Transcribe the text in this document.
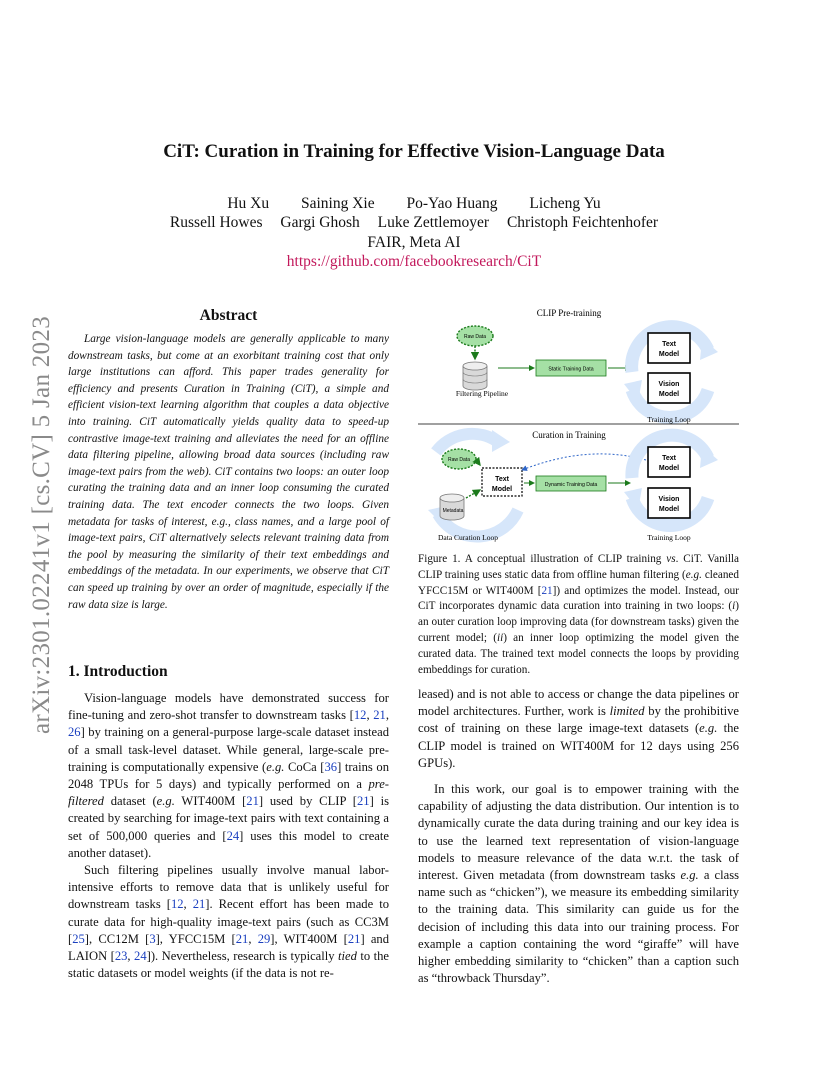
arXiv:2301.02241v1 [cs.CV] 5 Jan 2023
CiT: Curation in Training for Effective Vision-Language Data
Hu Xu Saining Xie Po-Yao Huang Licheng Yu
Russell Howes Gargi Ghosh Luke Zettlemoyer Christoph Feichtenhofer
FAIR, Meta AI
https://github.com/facebookresearch/CiT
Abstract

Large vision-language models are generally applicable to many downstream tasks, but come at an exorbitant training cost that only large institutions can afford. This paper trades generality for efficiency and presents Curation in Training (CiT), a simple and efficient vision-text learning algorithm that couples a data objective into training. CiT automatically yields quality data to speed-up contrastive image-text training and alleviates the need for an offline data filtering pipeline, allowing broad data sources (including raw image-text pairs from the web). CiT contains two loops: an outer loop curating the training data and an inner loop consuming the curated training data. The text encoder connects the two loops. Given metadata for tasks of interest, e.g., class names, and a large pool of image-text pairs, CiT alternatively selects relevant training data from the pool by measuring the similarity of their text embeddings and embeddings of the metadata. In our experiments, we observe that CiT can speed up training by over an order of magnitude, especially if the raw data size is large.

1. Introduction

Vision-language models have demonstrated success for fine-tuning and zero-shot transfer to downstream tasks [12, 21, 26] by training on a general-purpose large-scale dataset instead of a small task-level dataset. While general, large-scale pre-training is computationally expensive (e.g. CoCa [36] trains on 2048 TPUs for 5 days) and typically performed on a pre-filtered dataset (e.g. WIT400M [21] used by CLIP [21] is created by searching for image-text pairs with text containing a set of 500,000 queries and [24] uses this model to create another dataset).

Such filtering pipelines usually involve manual labor-intensive efforts to remove data that is unlikely useful for downstream tasks [12, 21]. Recent effort has been made to curate data for high-quality image-text pairs (such as CC3M [25], CC12M [3], YFCC15M [21, 29], WIT400M [21] and LAION [23, 24]). Nevertheless, research is typically tied to the static datasets or model weights (if the data is not re-

CLIP Pre-training
Raw Data
Filtering Pipeline
Static Training Data
Text
Model
Vision
Model
Training Loop
Curation in Training
Raw Data
Text
Model
Metadata
Dynamic Training Data
Text
Model
Vision
Model
Data Curation Loop	Training Loop

Figure 1. A conceptual illustration of CLIP training vs. CiT. Vanilla CLIP training uses static data from offline human filtering (e.g. cleaned YFCC15M or WIT400M [21]) and optimizes the model. Instead, our CiT incorporates dynamic data curation into training in two loops: (i) an outer curation loop improving data (for downstream tasks) given the current model; (ii) an inner loop optimizing the model given the curated data. The trained text model connects the loops by providing embeddings for curation.

leased) and is not able to access or change the data pipelines or model architectures. Further, work is limited by the prohibitive cost of training on these large image-text datasets (e.g. the CLIP model is trained on WIT400M for 12 days using 256 GPUs).

In this work, our goal is to empower training with the capability of adjusting the data distribution. Our intention is to dynamically curate the data during training and our key idea is to use the learned text representation of vision-language models to measure relevance of the data w.r.t. the task of interest. Given metadata (from downstream tasks e.g. a class name such as “chicken”), we measure its embedding similarity to the training data. This similarity can guide us for the decision of including this data into our training process. For example a caption containing the word “giraffe” will have higher embedding similarity to “chicken” than a caption such as “throwback Thursday”.
